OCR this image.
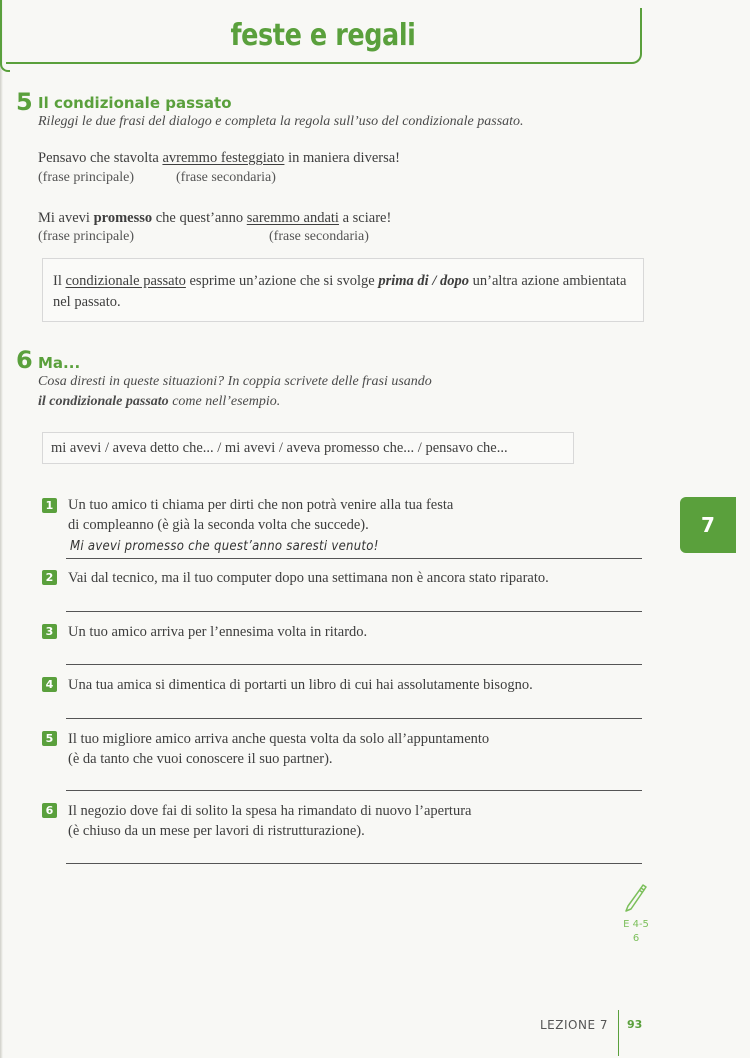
feste e regali
5 Il condizionale passato
Rileggi le due frasi del dialogo e completa la regola sull’uso del condizionale passato.
Pensavo che stavolta avremmo festeggiato in maniera diversa!
(frase principale)	(frase secondaria)
Mi avevi promesso che quest’anno saremmo andati a sciare!
(frase principale)	(frase secondaria)
Il condizionale passato esprime un’azione che si svolge prima di / dopo un’altra azione ambientata nel passato.
6 Ma...
Cosa diresti in queste situazioni? In coppia scrivete delle frasi usando
il condizionale passato come nell’esempio.
mi avevi / aveva detto che... / mi avevi / aveva promesso che... / pensavo che...
1 Un tuo amico ti chiama per dirti che non potrà venire alla tua festa
di compleanno (è già la seconda volta che succede).
Mi avevi promesso che quest’anno saresti venuto!
2 Vai dal tecnico, ma il tuo computer dopo una settimana non è ancora stato riparato.
3 Un tuo amico arriva per l’ennesima volta in ritardo.
4 Una tua amica si dimentica di portarti un libro di cui hai assolutamente bisogno.
5 Il tuo migliore amico arriva anche questa volta da solo all’appuntamento
(è da tanto che vuoi conoscere il suo partner).
6 Il negozio dove fai di solito la spesa ha rimandato di nuovo l’apertura
(è chiuso da un mese per lavori di ristrutturazione).
7
E 4-5
6
LEZIONE 7 93
